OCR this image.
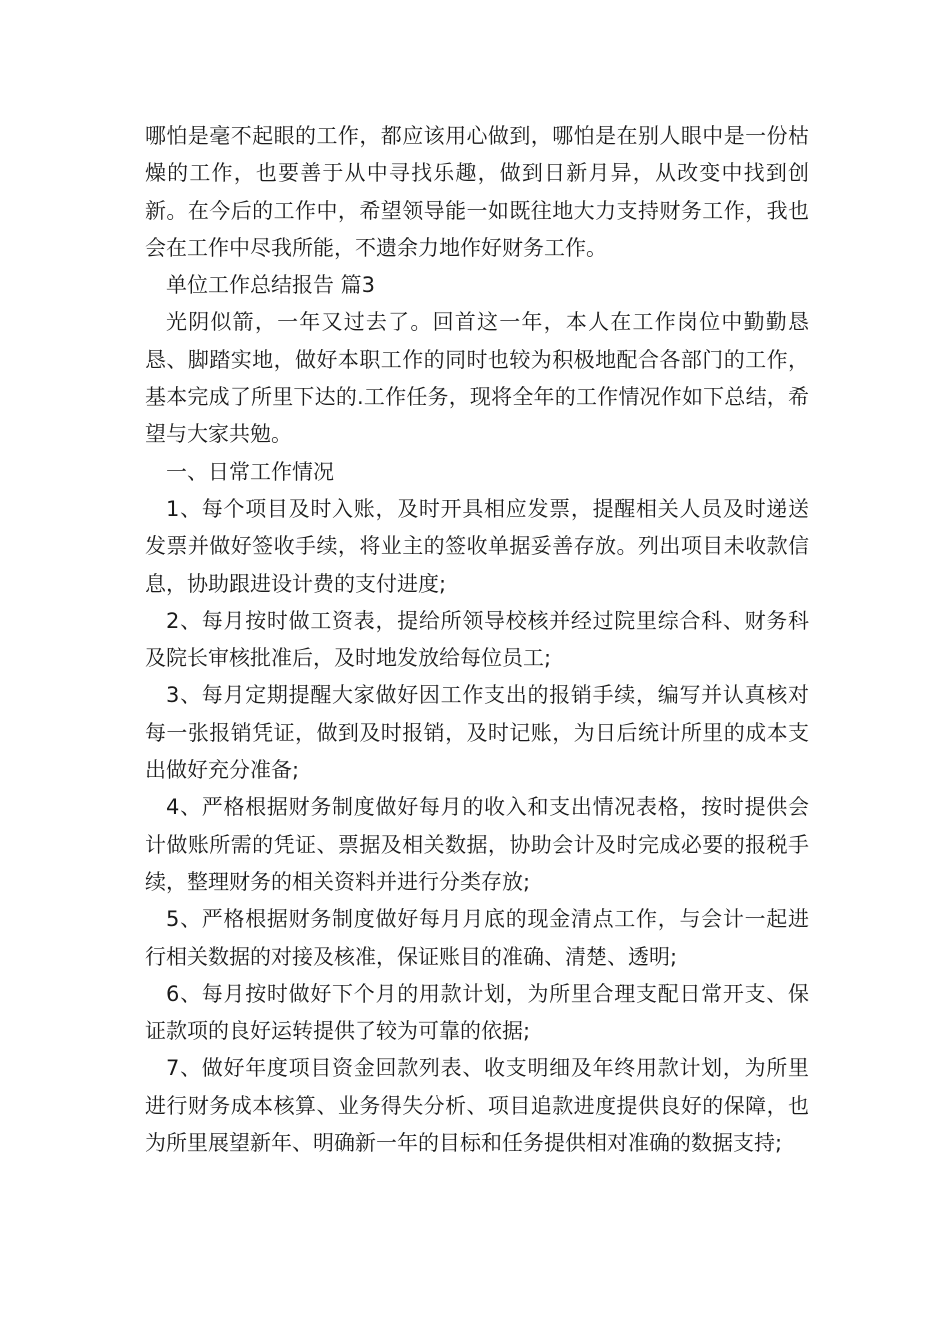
哪怕是毫不起眼的工作，都应该用心做到，哪怕是在别人眼中是一份枯燥的工作，也要善于从中寻找乐趣，做到日新月异，从改变中找到创新。在今后的工作中，希望领导能一如既往地大力支持财务工作，我也会在工作中尽我所能，不遗余力地作好财务工作。

单位工作总结报告 篇3

光阴似箭，一年又过去了。回首这一年，本人在工作岗位中勤勤恳恳、脚踏实地，做好本职工作的同时也较为积极地配合各部门的工作，基本完成了所里下达的.工作任务，现将全年的工作情况作如下总结，希望与大家共勉。

一、日常工作情况

1、每个项目及时入账，及时开具相应发票，提醒相关人员及时递送发票并做好签收手续，将业主的签收单据妥善存放。列出项目未收款信息，协助跟进设计费的支付进度;

2、每月按时做工资表，提给所领导校核并经过院里综合科、财务科及院长审核批准后，及时地发放给每位员工;

3、每月定期提醒大家做好因工作支出的报销手续，编写并认真核对每一张报销凭证，做到及时报销，及时记账，为日后统计所里的成本支出做好充分准备;

4、严格根据财务制度做好每月的收入和支出情况表格，按时提供会计做账所需的凭证、票据及相关数据，协助会计及时完成必要的报税手续，整理财务的相关资料并进行分类存放;

5、严格根据财务制度做好每月月底的现金清点工作，与会计一起进行相关数据的对接及核准，保证账目的准确、清楚、透明;

6、每月按时做好下个月的用款计划，为所里合理支配日常开支、保证款项的良好运转提供了较为可靠的依据;

7、做好年度项目资金回款列表、收支明细及年终用款计划，为所里进行财务成本核算、业务得失分析、项目追款进度提供良好的保障，也为所里展望新年、明确新一年的目标和任务提供相对准确的数据支持;
